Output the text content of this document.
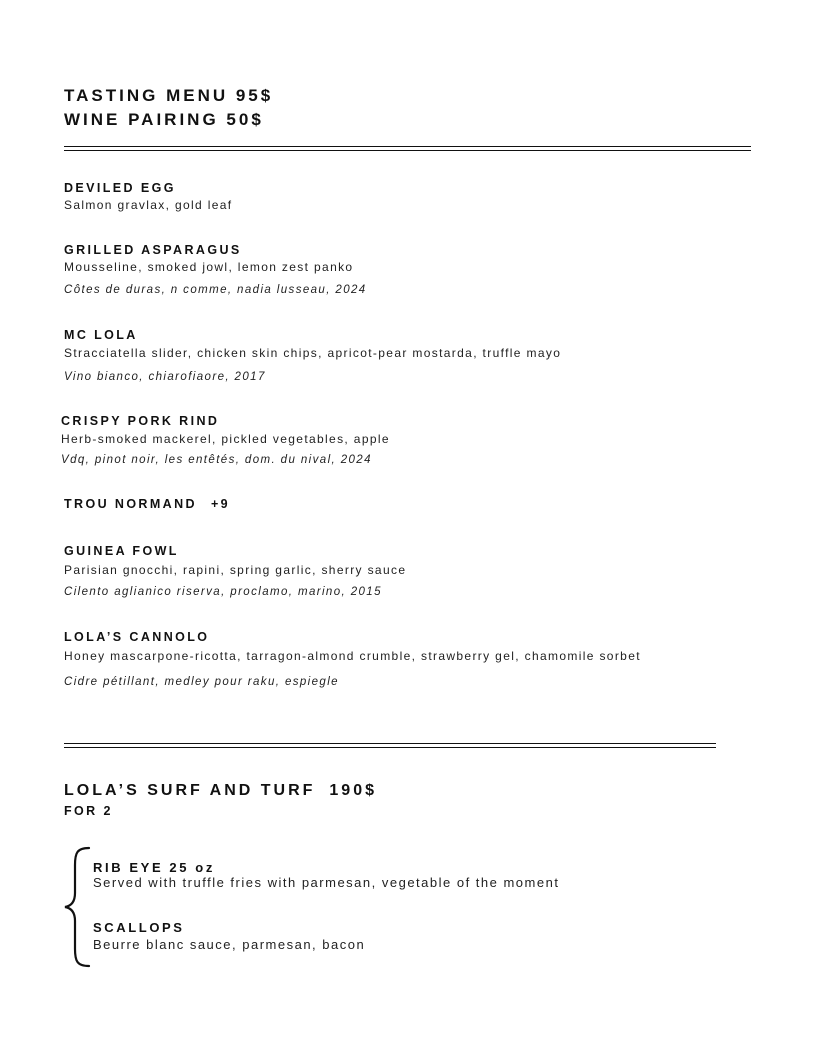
TASTING MENU 95$
WINE PAIRING 50$
DEVILED EGG
Salmon gravlax, gold leaf
GRILLED ASPARAGUS
Mousseline, smoked jowl, lemon zest panko
Côtes de duras, n comme, nadia lusseau, 2024
MC LOLA
Stracciatella slider, chicken skin chips, apricot-pear mostarda, truffle mayo
Vino bianco, chiarofiaore, 2017
CRISPY PORK RIND
Herb-smoked mackerel, pickled vegetables, apple
Vdq, pinot noir, les entêtés, dom. du nival, 2024
TROU NORMAND +9
GUINEA FOWL
Parisian gnocchi, rapini, spring garlic, sherry sauce
Cilento aglianico riserva, proclamo, marino, 2015
LOLA’S CANNOLO
Honey mascarpone-ricotta, tarragon-almond crumble, strawberry gel, chamomile sorbet
Cidre pétillant, medley pour raku, espiegle
LOLA’S SURF AND TURF 190$
FOR 2
RIB EYE 25 oz
Served with truffle fries with parmesan, vegetable of the moment
SCALLOPS
Beurre blanc sauce, parmesan, bacon
